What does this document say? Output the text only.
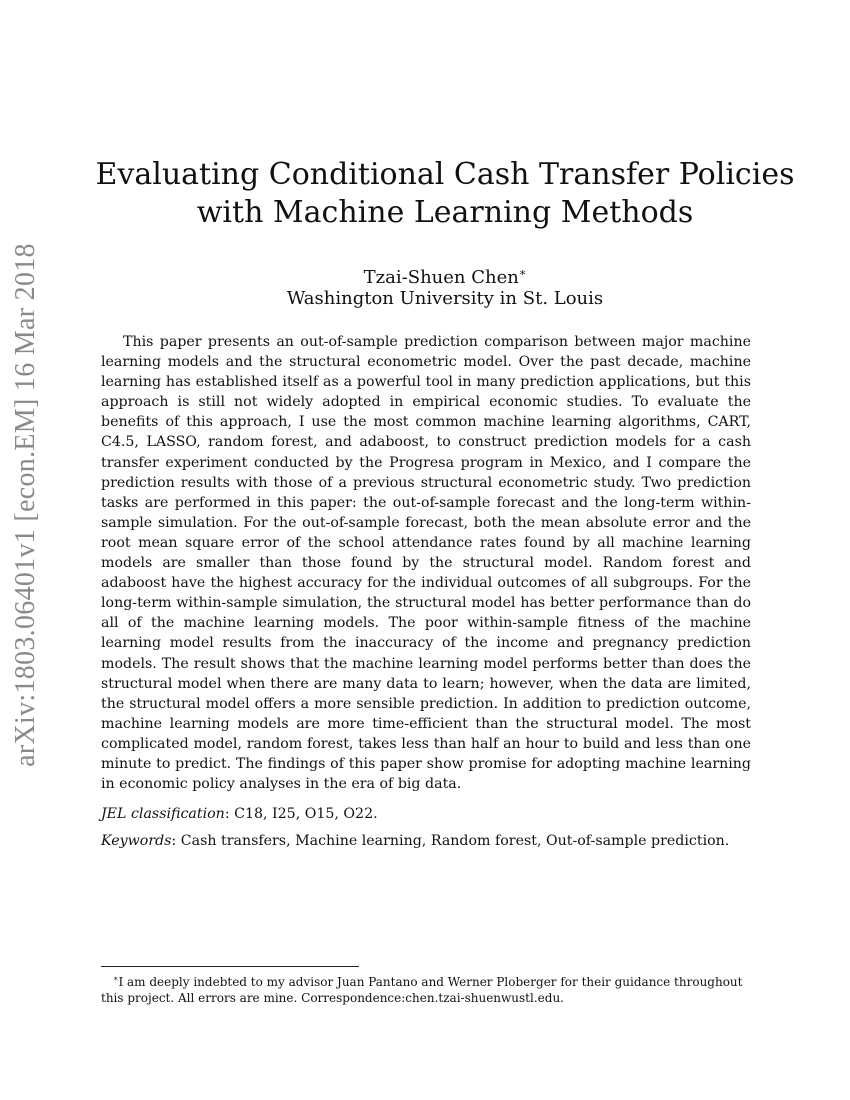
arXiv:1803.06401v1 [econ.EM] 16 Mar 2018
Evaluating Conditional Cash Transfer Policies with Machine Learning Methods
Tzai-Shuen Chen∗
Washington University in St. Louis

This paper presents an out-of-sample prediction comparison between major machine learning models and the structural econometric model. Over the past decade, machine learning has established itself as a powerful tool in many prediction applications, but this approach is still not widely adopted in empirical economic studies. To evaluate the benefits of this approach, I use the most common machine learning algorithms, CART, C4.5, LASSO, random forest, and adaboost, to construct prediction models for a cash transfer experiment conducted by the Progresa program in Mexico, and I compare the prediction results with those of a previous structural econometric study. Two prediction tasks are performed in this paper: the out-of-sample forecast and the long-term within-sample simulation. For the out-of-sample forecast, both the mean absolute error and the root mean square error of the school attendance rates found by all machine learning models are smaller than those found by the structural model. Random forest and adaboost have the highest accuracy for the individual outcomes of all subgroups. For the long-term within-sample simulation, the structural model has better performance than do all of the machine learning models. The poor within-sample fitness of the machine learning model results from the inaccuracy of the income and pregnancy prediction models. The result shows that the machine learning model performs better than does the structural model when there are many data to learn; however, when the data are limited, the structural model offers a more sensible prediction. In addition to prediction outcome, machine learning models are more time-efficient than the structural model. The most complicated model, random forest, takes less than half an hour to build and less than one minute to predict. The findings of this paper show promise for adopting machine learning in economic policy analyses in the era of big data.

JEL classification: C18, I25, O15, O22.
Keywords: Cash transfers, Machine learning, Random forest, Out-of-sample prediction.
∗I am deeply indebted to my advisor Juan Pantano and Werner Ploberger for their guidance throughout this project. All errors are mine. Correspondence:chen.tzai-shuenwustl.edu.
